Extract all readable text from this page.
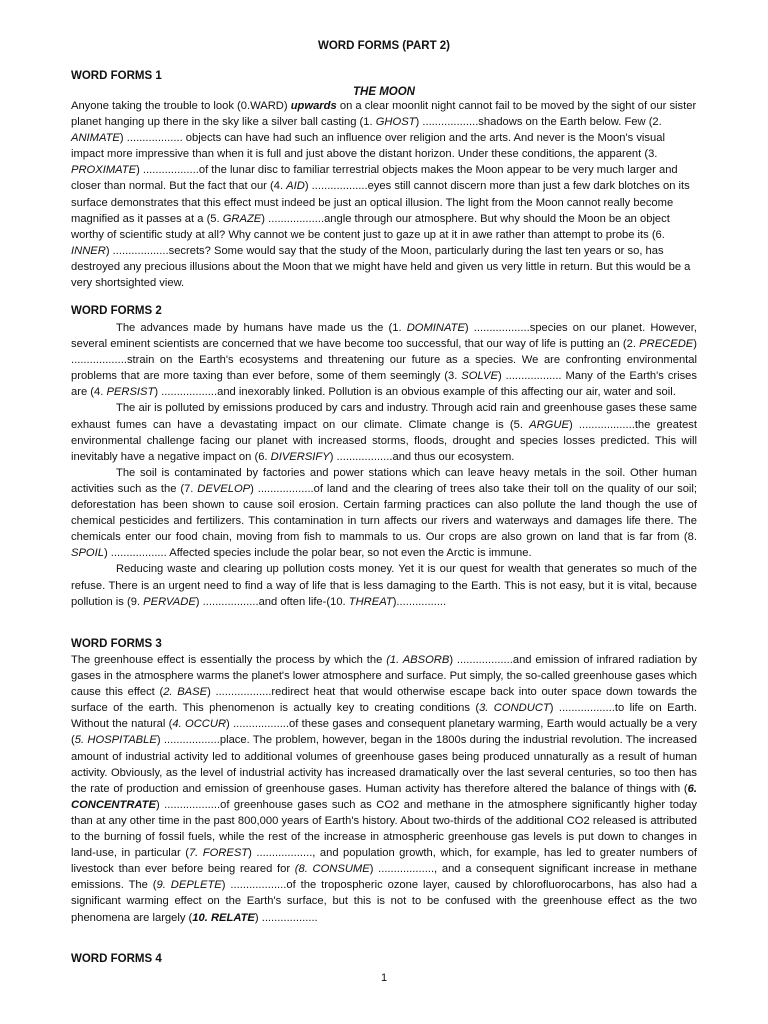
WORD FORMS (PART 2)
WORD FORMS 1
THE MOON

Anyone taking the trouble to look (0.WARD) upwards on a clear moonlit night cannot fail to be moved by the sight of our sister planet hanging up there in the sky like a silver ball casting (1. GHOST) ..................shadows on the Earth below. Few (2. ANIMATE) .................. objects can have had such an influence over religion and the arts. And never is the Moon's visual impact more impressive than when it is full and just above the distant horizon. Under these conditions, the apparent (3. PROXIMATE) ..................of the lunar disc to familiar terrestrial objects makes the Moon appear to be very much larger and closer than normal. But the fact that our (4. AID) ..................eyes still cannot discern more than just a few dark blotches on its surface demonstrates that this effect must indeed be just an optical illusion. The light from the Moon cannot really become magnified as it passes at a (5. GRAZE) ..................angle through our atmosphere. But why should the Moon be an object worthy of scientific study at all? Why cannot we be content just to gaze up at it in awe rather than attempt to probe its (6. INNER) ..................secrets? Some would say that the study of the Moon, particularly during the last ten years or so, has destroyed any precious illusions about the Moon that we might have held and given us very little in return. But this would be a very shortsighted view.

WORD FORMS 2

The advances made by humans have made us the (1. DOMINATE) ..................species on our planet. However, several eminent scientists are concerned that we have become too successful, that our way of life is putting an (2. PRECEDE) ..................strain on the Earth's ecosystems and threatening our future as a species. We are confronting environmental problems that are more taxing than ever before, some of them seemingly (3. SOLVE) .................. Many of the Earth's crises are (4. PERSIST) ..................and inexorably linked. Pollution is an obvious example of this affecting our air, water and soil.

The air is polluted by emissions produced by cars and industry. Through acid rain and greenhouse gases these same exhaust fumes can have a devastating impact on our climate. Climate change is (5. ARGUE) ..................the greatest environmental challenge facing our planet with increased storms, floods, drought and species losses predicted. This will inevitably have a negative impact on (6. DIVERSIFY) ..................and thus our ecosystem.

The soil is contaminated by factories and power stations which can leave heavy metals in the soil. Other human activities such as the (7. DEVELOP) ..................of land and the clearing of trees also take their toll on the quality of our soil; deforestation has been shown to cause soil erosion. Certain farming practices can also pollute the land though the use of chemical pesticides and fertilizers. This contamination in turn affects our rivers and waterways and damages life there. The chemicals enter our food chain, moving from fish to mammals to us. Our crops are also grown on land that is far from (8. SPOIL) .................. Affected species include the polar bear, so not even the Arctic is immune.

Reducing waste and clearing up pollution costs money. Yet it is our quest for wealth that generates so much of the refuse. There is an urgent need to find a way of life that is less damaging to the Earth. This is not easy, but it is vital, because pollution is (9. PERVADE) ..................and often life-(10. THREAT)................

WORD FORMS 3

The greenhouse effect is essentially the process by which the (1. ABSORB) ..................and emission of infrared radiation by gases in the atmosphere warms the planet's lower atmosphere and surface. Put simply, the so-called greenhouse gases which cause this effect (2. BASE) ..................redirect heat that would otherwise escape back into outer space down towards the surface of the earth. This phenomenon is actually key to creating conditions (3. CONDUCT) ..................to life on Earth. Without the natural (4. OCCUR) ..................of these gases and consequent planetary warming, Earth would actually be a very (5. HOSPITABLE) ..................place. The problem, however, began in the 1800s during the industrial revolution. The increased amount of industrial activity led to additional volumes of greenhouse gases being produced unnaturally as a result of human activity. Obviously, as the level of industrial activity has increased dramatically over the last several centuries, so too then has the rate of production and emission of greenhouse gases. Human activity has therefore altered the balance of things with (6. CONCENTRATE) ..................of greenhouse gases such as CO2 and methane in the atmosphere significantly higher today than at any other time in the past 800,000 years of Earth's history. About two-thirds of the additional CO2 released is attributed to the burning of fossil fuels, while the rest of the increase in atmospheric greenhouse gas levels is put down to changes in land-use, in particular (7. FOREST) .................., and population growth, which, for example, has led to greater numbers of livestock than ever before being reared for (8. CONSUME) .................., and a consequent significant increase in methane emissions. The (9. DEPLETE) ..................of the tropospheric ozone layer, caused by chlorofluorocarbons, has also had a significant warming effect on the Earth's surface, but this is not to be confused with the greenhouse effect as the two phenomena are largely (10. RELATE) ..................

WORD FORMS 4
1
